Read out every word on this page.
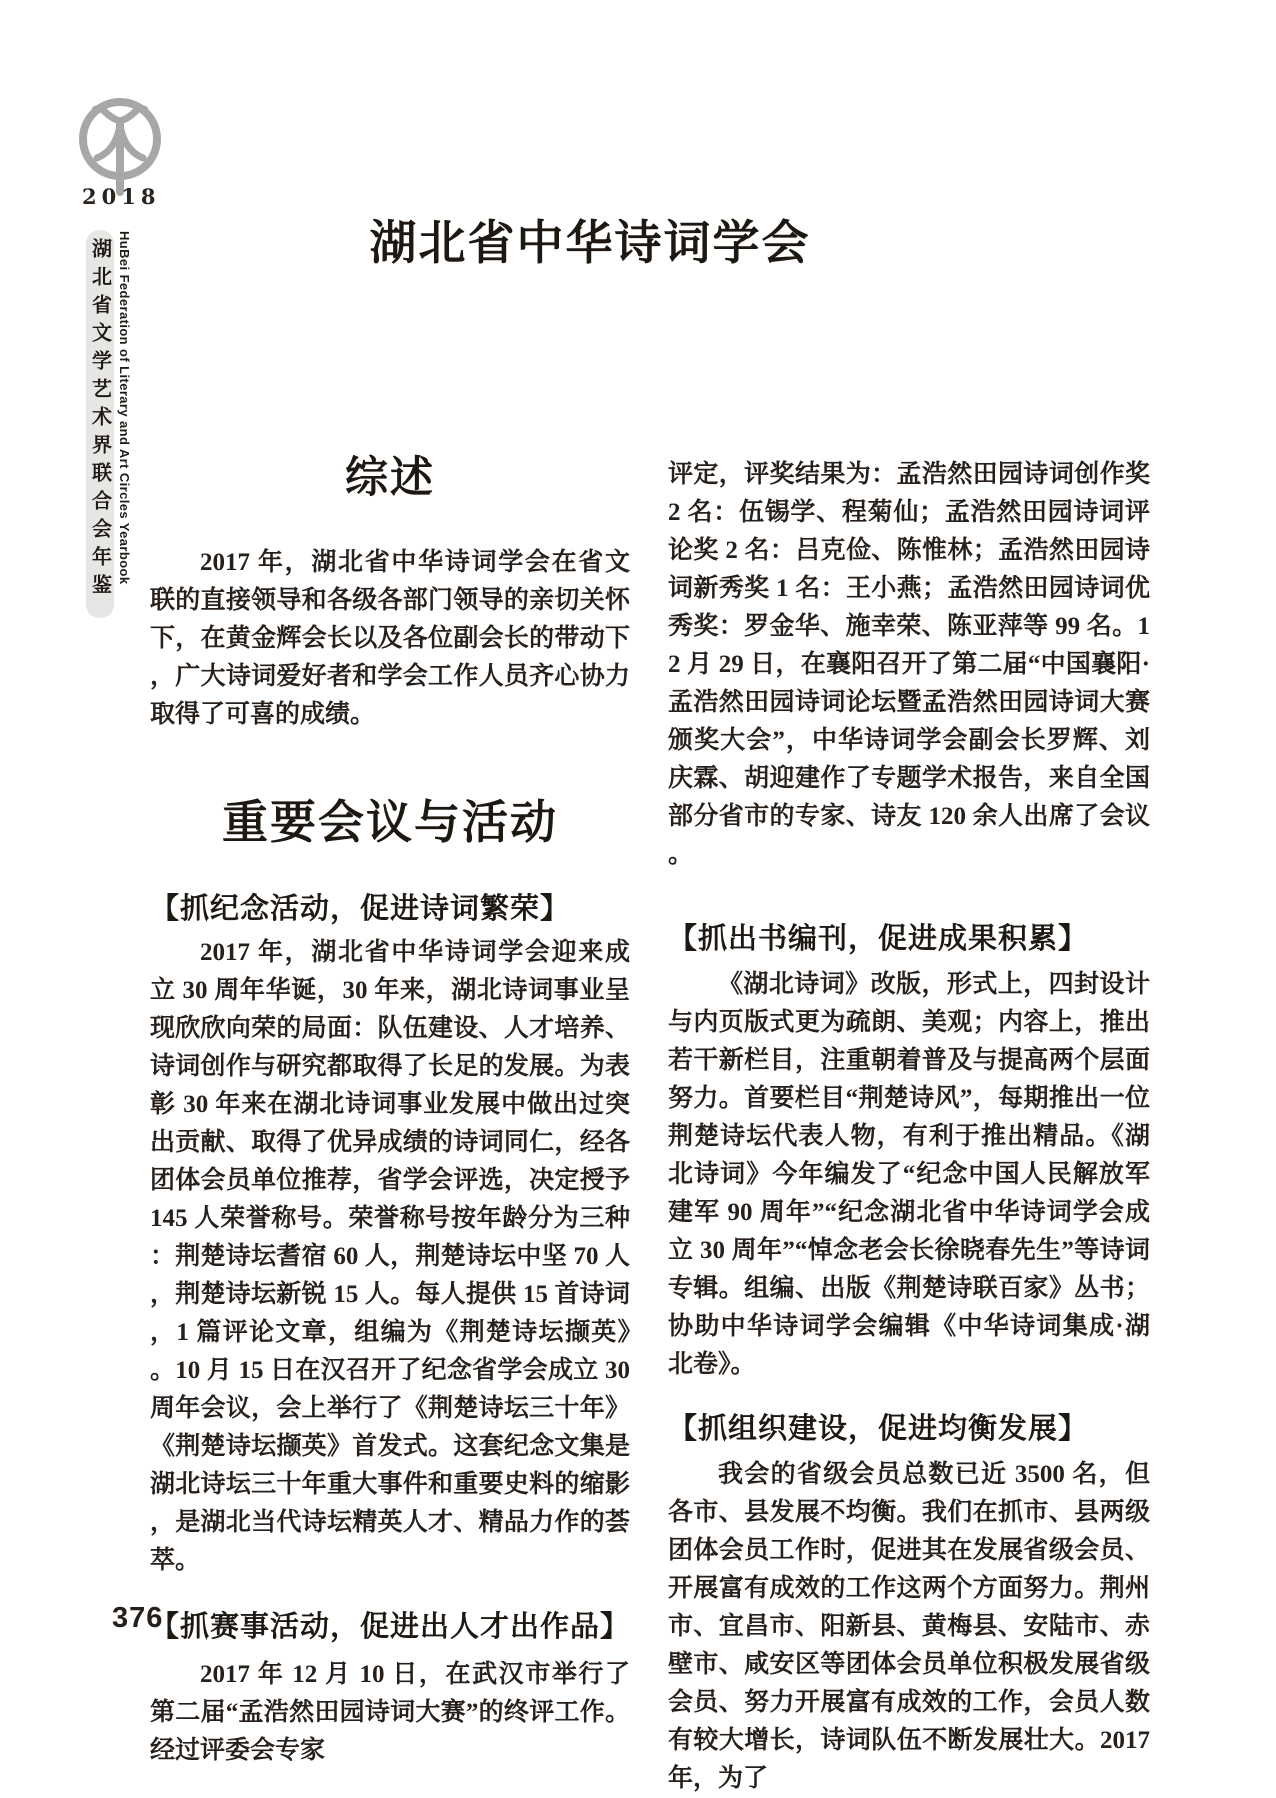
2018
湖北省文学艺术界联合会年鉴 HuBei Federation of Literary and Art Circles Yearbook	湖北省中华诗词学会
综述
2017 年，湖北省中华诗词学会在省文联的直接领导和各级各部门领导的亲切关怀下，在黄金辉会长以及各位副会长的带动下，广大诗词爱好者和学会工作人员齐心协力取得了可喜的成绩。
重要会议与活动
【抓纪念活动，促进诗词繁荣】
2017 年，湖北省中华诗词学会迎来成立 30 周年华诞，30 年来，湖北诗词事业呈现欣欣向荣的局面：队伍建设、人才培养、诗词创作与研究都取得了长足的发展。为表彰 30 年来在湖北诗词事业发展中做出过突出贡献、取得了优异成绩的诗词同仁，经各团体会员单位推荐，省学会评选，决定授予 145 人荣誉称号。荣誉称号按年龄分为三种：荆楚诗坛耆宿 60 人，荆楚诗坛中坚 70 人，荆楚诗坛新锐 15 人。每人提供 15 首诗词，1 篇评论文章，组编为《荆楚诗坛撷英》。10 月 15 日在汉召开了纪念省学会成立 30 周年会议，会上举行了《荆楚诗坛三十年》《荆楚诗坛撷英》首发式。这套纪念文集是湖北诗坛三十年重大事件和重要史料的缩影，是湖北当代诗坛精英人才、精品力作的荟萃。
【抓赛事活动，促进出人才出作品】
2017 年 12 月 10 日，在武汉市举行了第二届“孟浩然田园诗词大赛”的终评工作。经过评委会专家
评定，评奖结果为：孟浩然田园诗词创作奖 2 名：伍锡学、程菊仙；孟浩然田园诗词评论奖 2 名：吕克俭、陈惟林；孟浩然田园诗词新秀奖 1 名：王小燕；孟浩然田园诗词优秀奖：罗金华、施幸荣、陈亚萍等 99 名。12 月 29 日，在襄阳召开了第二届“中国襄阳·孟浩然田园诗词论坛暨孟浩然田园诗词大赛颁奖大会”，中华诗词学会副会长罗辉、刘庆霖、胡迎建作了专题学术报告，来自全国部分省市的专家、诗友 120 余人出席了会议。
【抓出书编刊，促进成果积累】
《湖北诗词》改版，形式上，四封设计与内页版式更为疏朗、美观；内容上，推出若干新栏目，注重朝着普及与提高两个层面努力。首要栏目“荆楚诗风”，每期推出一位荆楚诗坛代表人物，有利于推出精品。《湖北诗词》今年编发了“纪念中国人民解放军建军 90 周年”“纪念湖北省中华诗词学会成立 30 周年”“悼念老会长徐晓春先生”等诗词专辑。组编、出版《荆楚诗联百家》丛书；协助中华诗词学会编辑《中华诗词集成·湖北卷》。
【抓组织建设，促进均衡发展】
我会的省级会员总数已近 3500 名，但各市、县发展不均衡。我们在抓市、县两级团体会员工作时，促进其在发展省级会员、开展富有成效的工作这两个方面努力。荆州市、宜昌市、阳新县、黄梅县、安陆市、赤壁市、咸安区等团体会员单位积极发展省级会员、努力开展富有成效的工作，会员人数有较大增长，诗词队伍不断发展壮大。2017 年，为了
376
